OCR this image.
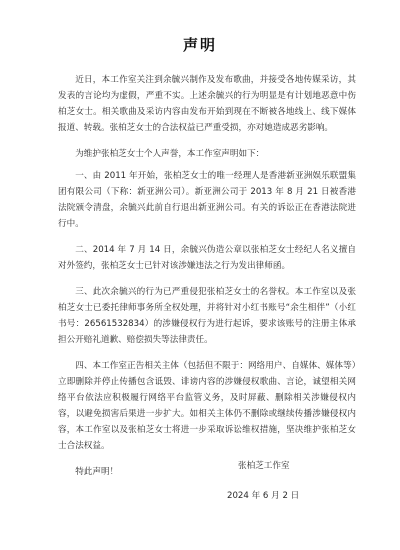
声明

近日，本工作室关注到余毓兴制作及发布歌曲，并接受各地传媒采访，其发表的言论均为虚假，严重不实。上述余毓兴的行为明显是有计划地恶意中伤柏芝女士。相关歌曲及采访内容由发布开始到现在不断被各地线上、线下媒体报道、转载。张柏芝女士的合法权益已严重受损，亦对她造成恶劣影响。

为维护张柏芝女士个人声誉，本工作室声明如下：

一、由 2011 年开始，张柏芝女士的唯一经理人是香港新亚洲娱乐联盟集团有限公司（下称：新亚洲公司）。新亚洲公司于 2013 年 8 月 21 日被香港法院颁令清盘，余毓兴此前自行退出新亚洲公司。有关的诉讼正在香港法院进行中。

二、2014 年 7 月 14 日，余毓兴伪造公章以张柏芝女士经纪人名义擅自对外签约，张柏芝女士已针对该涉嫌违法之行为发出律师函。

三、此次余毓兴的行为已严重侵犯张柏芝女士的名誉权。本工作室以及张柏芝女士已委托律师事务所全权处理，并将针对小红书账号“余生相伴”（小红书号：26561532834）的涉嫌侵权行为进行起诉，要求该账号的注册主体承担公开赔礼道歉、赔偿损失等法律责任。

四、本工作室正告相关主体（包括但不限于：网络用户、自媒体、媒体等）立即删除并停止传播包含诋毁、诽谤内容的涉嫌侵权歌曲、言论，诚望相关网络平台依法应积极履行网络平台监管义务，及时屏蔽、删除相关涉嫌侵权内容，以避免损害后果进一步扩大。如相关主体仍不删除或继续传播涉嫌侵权内容，本工作室以及张柏芝女士将进一步采取诉讼维权措施，坚决维护张柏芝女士合法权益。

特此声明！

张柏芝工作室
2024 年 6 月 2 日
